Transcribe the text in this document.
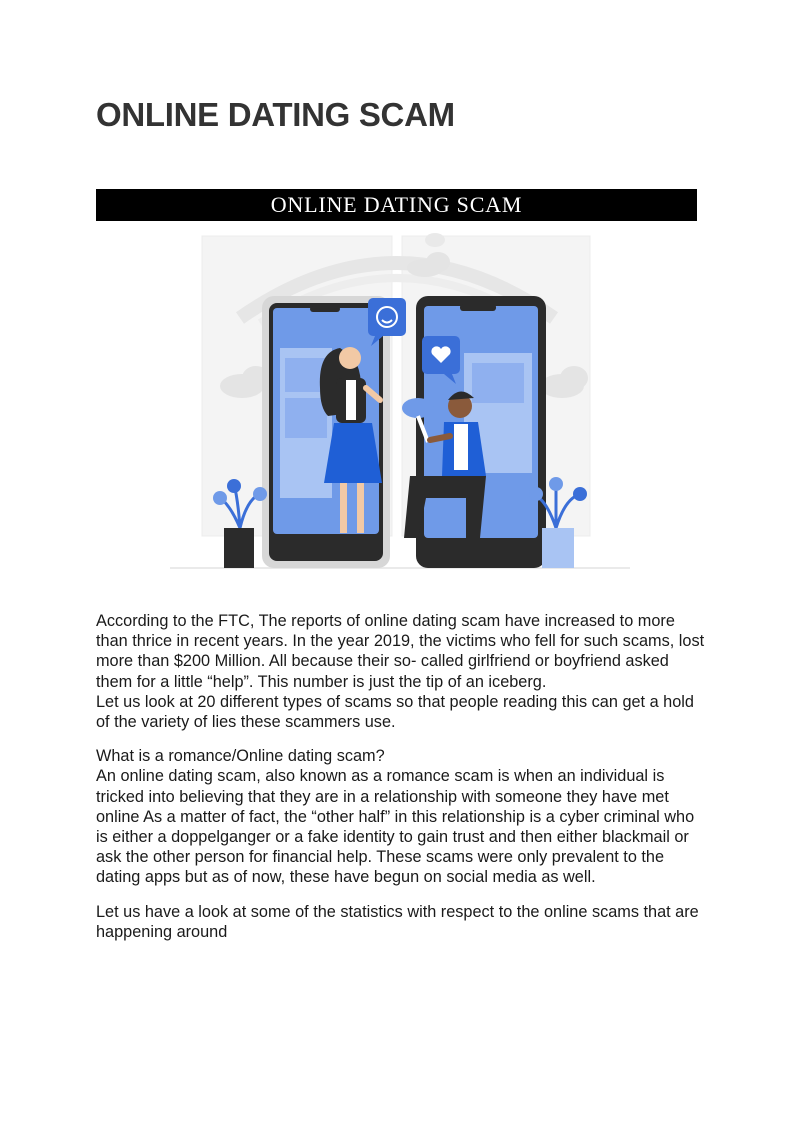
ONLINE DATING SCAM
ONLINE DATING SCAM

According to the FTC, The reports of online dating scam have increased to more than thrice in recent years. In the year 2019, the victims who fell for such scams, lost more than $200 Million. All because their so- called girlfriend or boyfriend asked them for a little “help”. This number is just the tip of an iceberg.

Let us look at 20 different types of scams so that people reading this can get a hold of the variety of lies these scammers use.

What is a romance/Online dating scam?

An online dating scam, also known as a romance scam is when an individual is tricked into believing that they are in a relationship with someone they have met online As a matter of fact, the “other half” in this relationship is a cyber criminal who is either a doppelganger or a fake identity to gain trust and then either blackmail or ask the other person for financial help. These scams were only prevalent to the dating apps but as of now, these have begun on social media as well.

Let us have a look at some of the statistics with respect to the online scams that are happening around
